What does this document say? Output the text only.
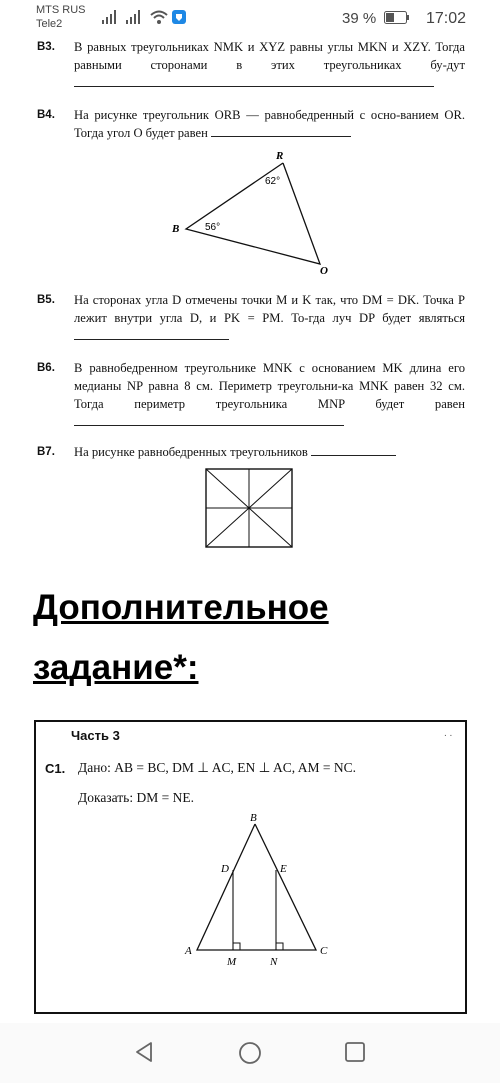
MTS RUS
Tele2	39 %	17:02
В3. В равных треугольниках NMK и XYZ равны углы MKN и XZY. Тогда равными сторонами в этих треугольниках бу-дут
В4. На рисунке треугольник ORB — равнобедренный с осно-ванием OR. Тогда угол O будет равен
R
B
O
62°
56°
В5. На сторонах угла D отмечены точки M и K так, что DM = DK. Точка P лежит внутри угла D, и PK = PM. То-гда луч DP будет являться
В6. В равнобедренном треугольнике MNK с основанием MK длина его медианы NP равна 8 см. Периметр треугольни-ка MNK равен 32 см. Тогда периметр треугольника MNP будет равен
В7. На рисунке равнобедренных треугольников
Дополнительное
задание*:
Часть 3	. .
С1. Дано: AB = BC, DM ⊥ AC, EN ⊥ AC, AM = NC.
Доказать: DM = NE.
B
D	E
A	C
M	N
